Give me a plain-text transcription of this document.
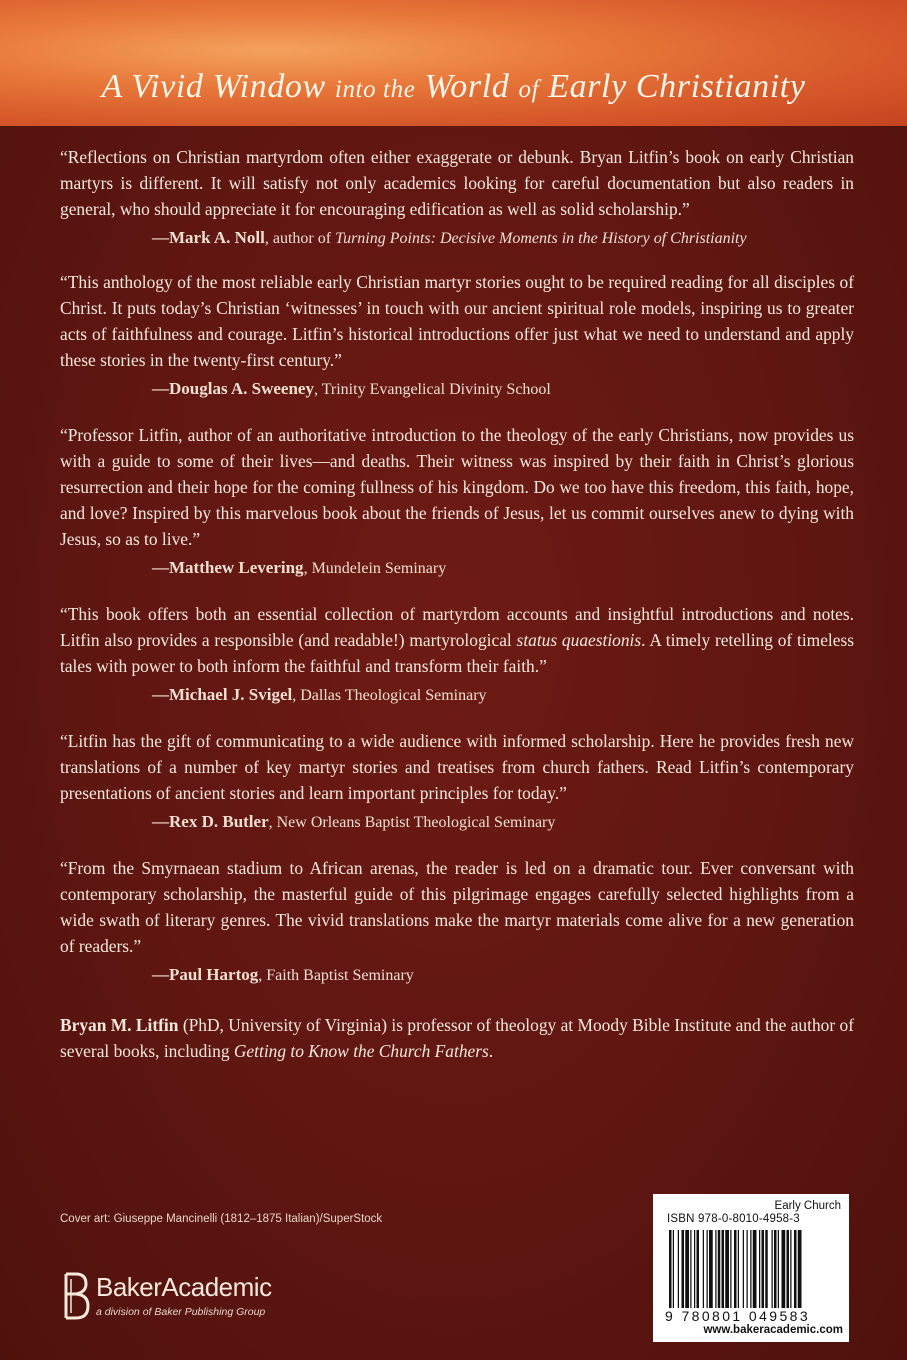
A Vivid Window into the World of Early Christianity

“Reflections on Christian martyrdom often either exaggerate or debunk. Bryan Litfin’s book on early Christian martyrs is different. It will satisfy not only academics looking for careful documentation but also readers in general, who should appreciate it for encouraging edification as well as solid scholarship.”

—Mark A. Noll, author of Turning Points: Decisive Moments in the History of Christianity

“This anthology of the most reliable early Christian martyr stories ought to be required reading for all disciples of Christ. It puts today’s Christian ‘witnesses’ in touch with our ancient spiritual role models, inspiring us to greater acts of faithfulness and courage. Litfin’s historical introductions offer just what we need to understand and apply these stories in the twenty-first century.”

—Douglas A. Sweeney, Trinity Evangelical Divinity School

“Professor Litfin, author of an authoritative introduction to the theology of the early Christians, now provides us with a guide to some of their lives—and deaths. Their witness was inspired by their faith in Christ’s glorious resurrection and their hope for the coming fullness of his kingdom. Do we too have this freedom, this faith, hope, and love? Inspired by this marvelous book about the friends of Jesus, let us commit ourselves anew to dying with Jesus, so as to live.”

—Matthew Levering, Mundelein Seminary

“This book offers both an essential collection of martyrdom accounts and insightful introductions and notes. Litfin also provides a responsible (and readable!) martyrological status quaestionis. A timely retelling of timeless tales with power to both inform the faithful and transform their faith.”

—Michael J. Svigel, Dallas Theological Seminary

“Litfin has the gift of communicating to a wide audience with informed scholarship. Here he provides fresh new translations of a number of key martyr stories and treatises from church fathers. Read Litfin’s contemporary presentations of ancient stories and learn important principles for today.”

—Rex D. Butler, New Orleans Baptist Theological Seminary

“From the Smyrnaean stadium to African arenas, the reader is led on a dramatic tour. Ever conversant with contemporary scholarship, the masterful guide of this pilgrimage engages carefully selected highlights from a wide swath of literary genres. The vivid translations make the martyr materials come alive for a new generation of readers.”

—Paul Hartog, Faith Baptist Seminary

Bryan M. Litfin (PhD, University of Virginia) is professor of theology at Moody Bible Institute and the author of several books, including Getting to Know the Church Fathers.

Cover art: Giuseppe Mancinelli (1812–1875 Italian)/SuperStock
BakerAcademic
a division of Baker Publishing Group
Early Church
ISBN 978-0-8010-4958-3
9 780801 049583
www.bakeracademic.com
